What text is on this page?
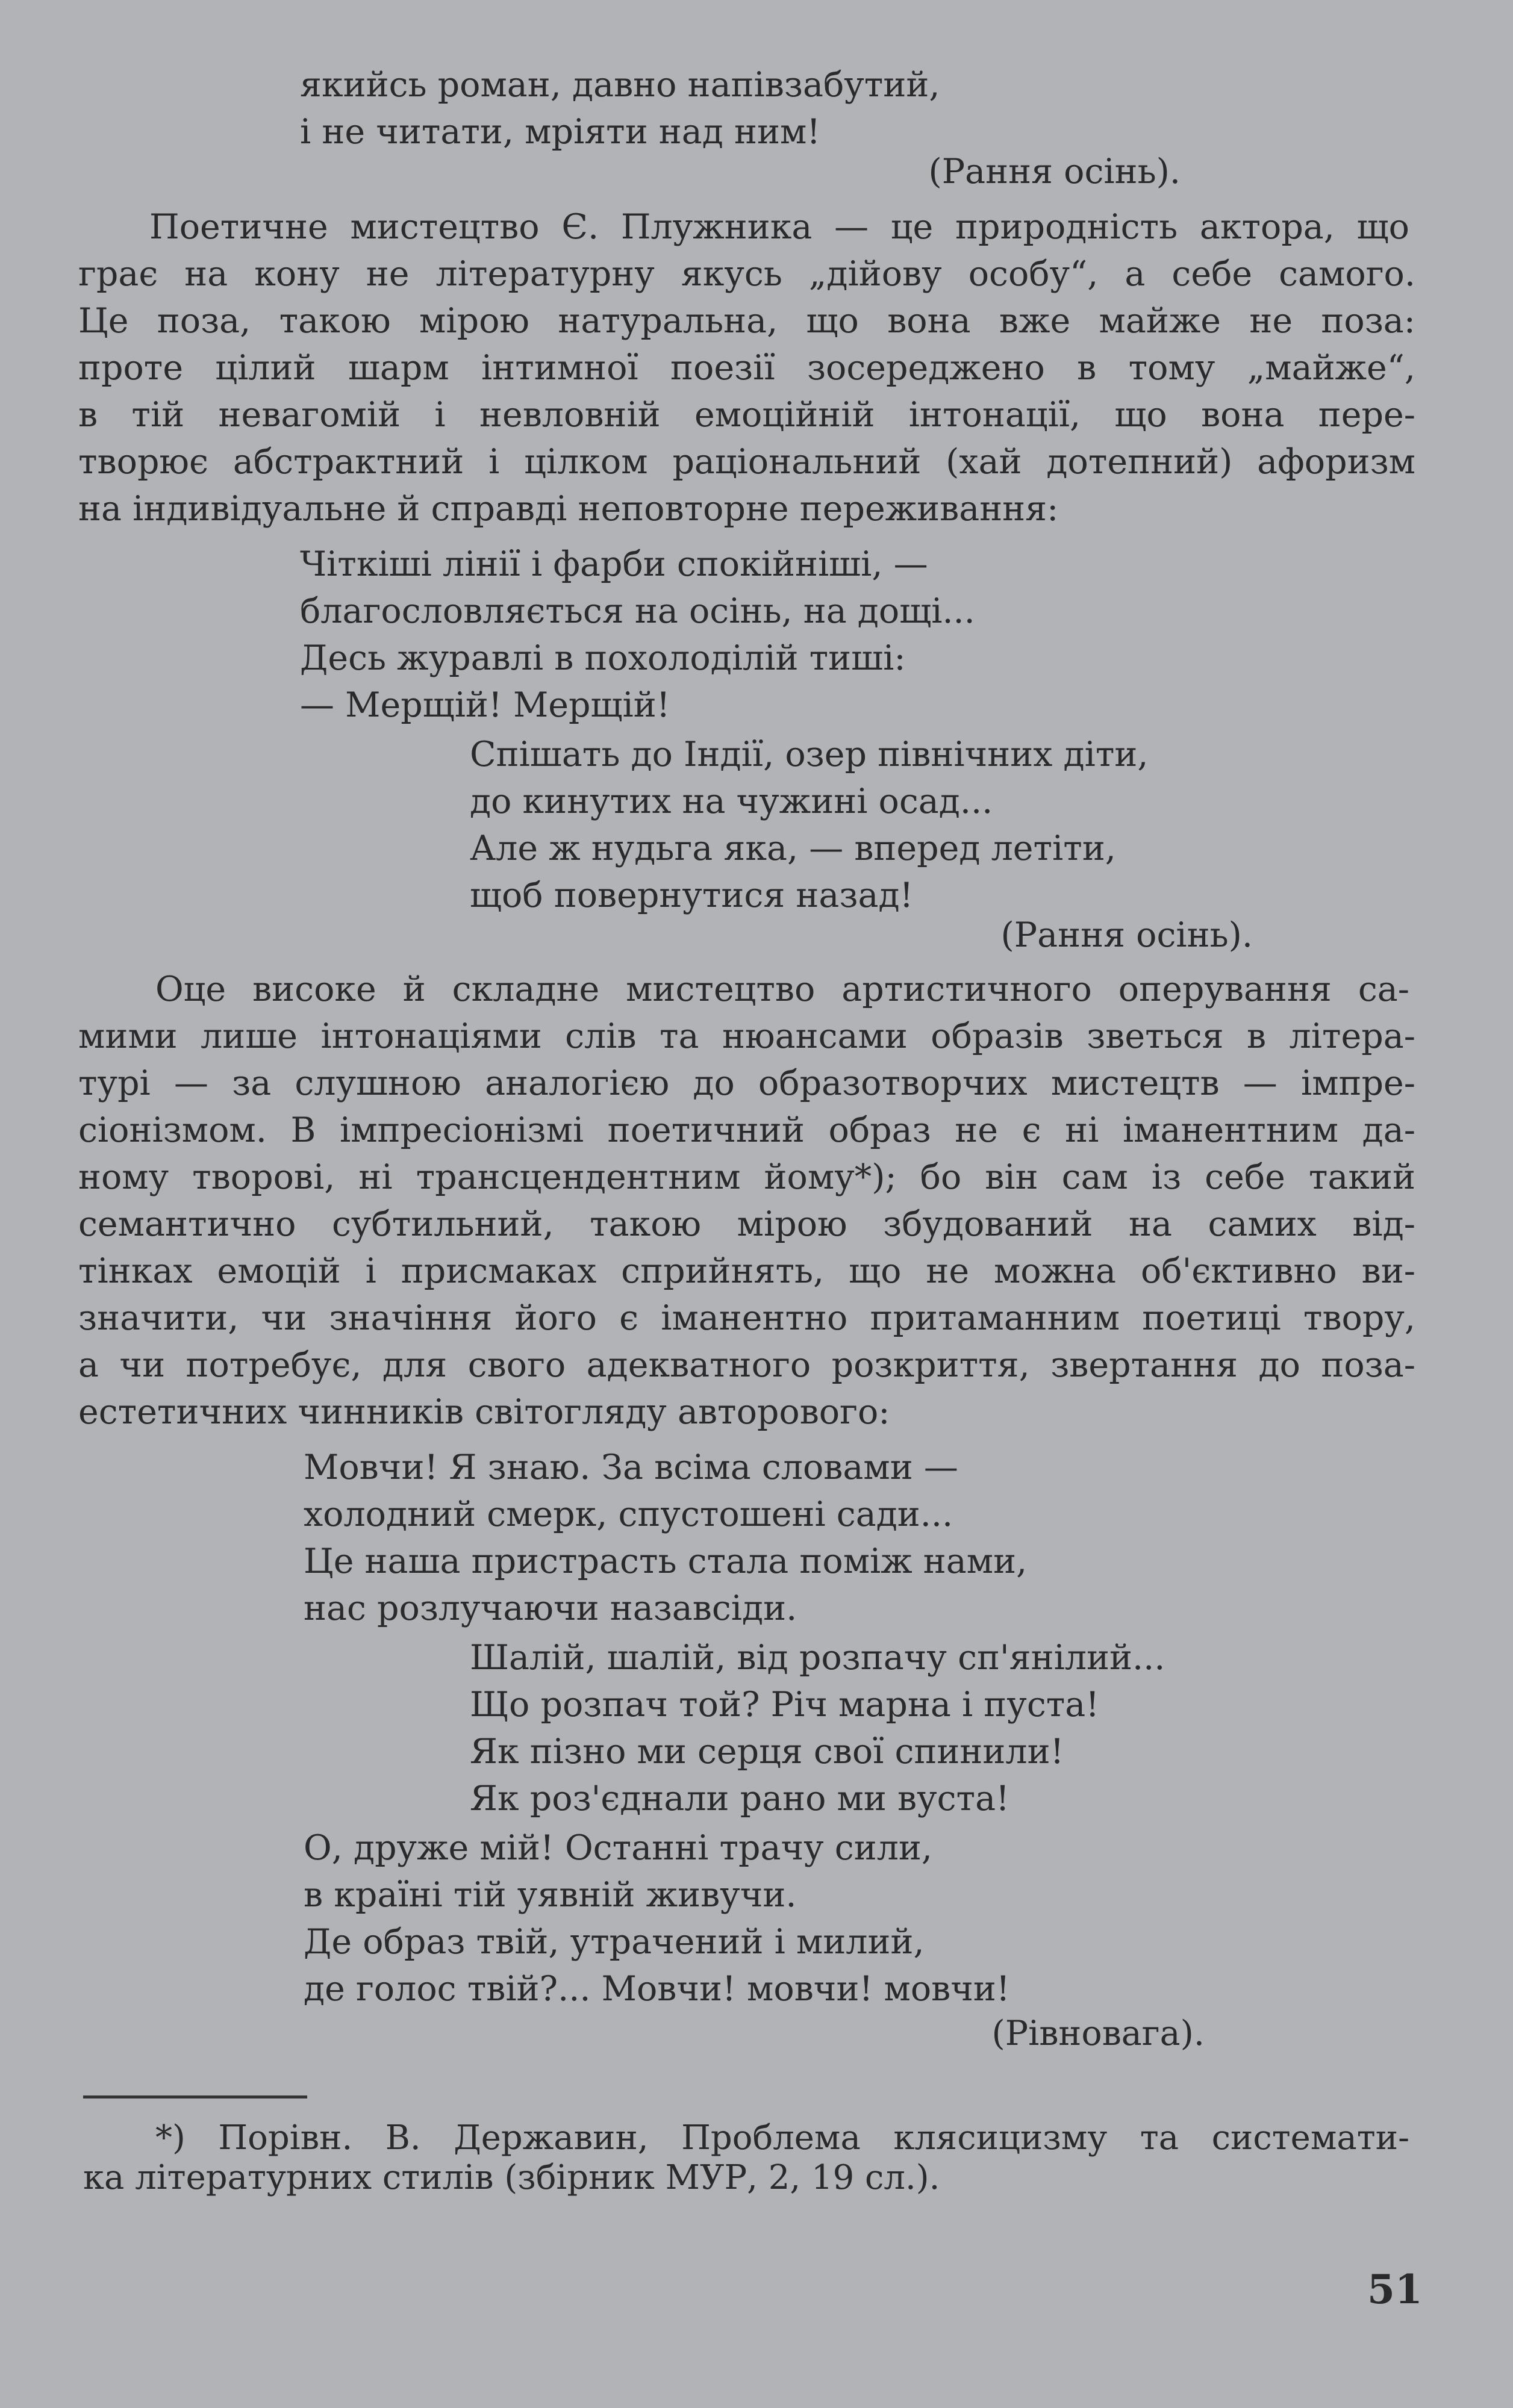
якийсь роман, давно напівзабутий,
і не читати, мріяти над ним!
(Рання осінь).
Поетичне мистецтво Є. Плужника — це природність актора, що
грає на кону не літературну якусь „дійову особу“, а себе самого.
Це поза, такою мірою натуральна, що вона вже майже не поза:
проте цілий шарм інтимної поезії зосереджено в тому „майже“,
в тій невагомій і невловній емоційній інтонації, що вона пере-
творює абстрактний і цілком раціональний (хай дотепний) афоризм
на індивідуальне й справді неповторне переживання:
Чіткіші лінії і фарби спокійніші, —
благословляється на осінь, на дощі...
Десь журавлі в похолоділій тиші:
— Мерщій! Мерщій!
Спішать до Індії, озер північних діти,
до кинутих на чужині осад...
Але ж нудьга яка, — вперед летіти,
щоб повернутися назад!
(Рання осінь).
Оце високе й складне мистецтво артистичного оперування са-
мими лише інтонаціями слів та нюансами образів зветься в літера-
турі — за слушною аналогією до образотворчих мистецтв — імпре-
сіонізмом. В імпресіонізмі поетичний образ не є ні іманентним да-
ному творові, ні трансцендентним йому*); бо він сам із себе такий
семантично субтильний, такою мірою збудований на самих від-
тінках емоцій і присмаках сприйнять, що не можна об'єктивно ви-
значити, чи значіння його є іманентно притаманним поетиці твору,
а чи потребує, для свого адекватного розкриття, звертання до поза-
естетичних чинників світогляду авторового:
Мовчи! Я знаю. За всіма словами —
холодний смерк, спустошені сади...
Це наша пристрасть стала поміж нами,
нас розлучаючи назавсіди.
Шалій, шалій, від розпачу сп'янілий...
Що розпач той? Річ марна і пуста!
Як пізно ми серця свої спинили!
Як роз'єднали рано ми вуста!
О, друже мій! Останні трачу сили,
в країні тій уявній живучи.
Де образ твій, утрачений і милий,
де голос твій?... Мовчи! мовчи! мовчи!
(Рівновага).
*) Порівн. В. Державин, Проблема клясицизму та системати-
ка літературних стилів (збірник МУР, 2, 19 сл.).
51
